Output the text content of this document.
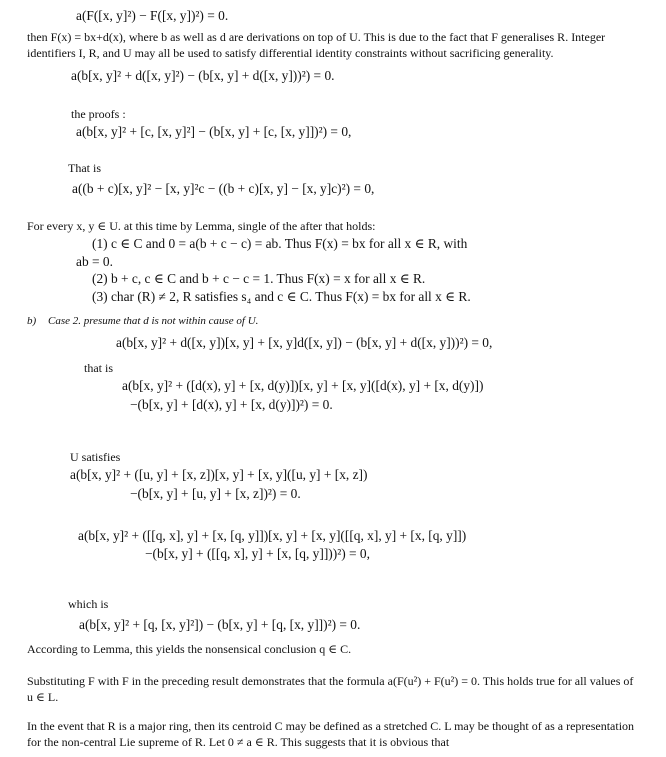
a(F([x, y]²) − F([x, y])²) = 0.
then F(x) = bx+d(x), where b as well as d are derivations on top of U. This is due to the fact that F generalises R. Integer identifiers I, R, and U may all be used to satisfy differential identity constraints without sacrificing generality.
a(b[x, y]² + d([x, y]²) − (b[x, y] + d([x, y]))²) = 0.
the proofs :
a(b[x, y]² + [c, [x, y]²] − (b[x, y] + [c, [x, y]])²) = 0,
That is
a((b + c)[x, y]² − [x, y]²c − ((b + c)[x, y] − [x, y]c)²) = 0,
For every x, y ∈ U. at this time by Lemma, single of the after that holds:
(1) c ∈ C and 0 = a(b + c − c) = ab. Thus F(x) = bx for all x ∈ R, with
ab = 0.
(2) b + c, c ∈ C and b + c − c = 1. Thus F(x) = x for all x ∈ R.
(3) char (R) ≠ 2, R satisfies s₄ and c ∈ C. Thus F(x) = bx for all x ∈ R.
b) Case 2. presume that d is not within cause of U.
a(b[x, y]² + d([x, y])[x, y] + [x, y]d([x, y]) − (b[x, y] + d([x, y]))²) = 0,
that is
a(b[x, y]² + ([d(x), y] + [x, d(y)])[x, y] + [x, y]([d(x), y] + [x, d(y)])
−(b[x, y] + [d(x), y] + [x, d(y)])²) = 0.
U satisfies
a(b[x, y]² + ([u, y] + [x, z])[x, y] + [x, y]([u, y] + [x, z])
−(b[x, y] + [u, y] + [x, z])²) = 0.
a(b[x, y]² + ([[q, x], y] + [x, [q, y]])[x, y] + [x, y]([[q, x], y] + [x, [q, y]])
−(b[x, y] + ([[q, x], y] + [x, [q, y]]))²) = 0,
which is
a(b[x, y]² + [q, [x, y]²]) − (b[x, y] + [q, [x, y]])²) = 0.
According to Lemma, this yields the nonsensical conclusion q ∈ C.
Substituting F with F in the preceding result demonstrates that the formula a(F(u²) + F(u²) = 0. This holds true for all values of u ∈ L.
In the event that R is a major ring, then its centroid C may be defined as a stretched C. L may be thought of as a representation for the non-central Lie supreme of R. Let 0 ≠ a ∈ R. This suggests that it is obvious that
